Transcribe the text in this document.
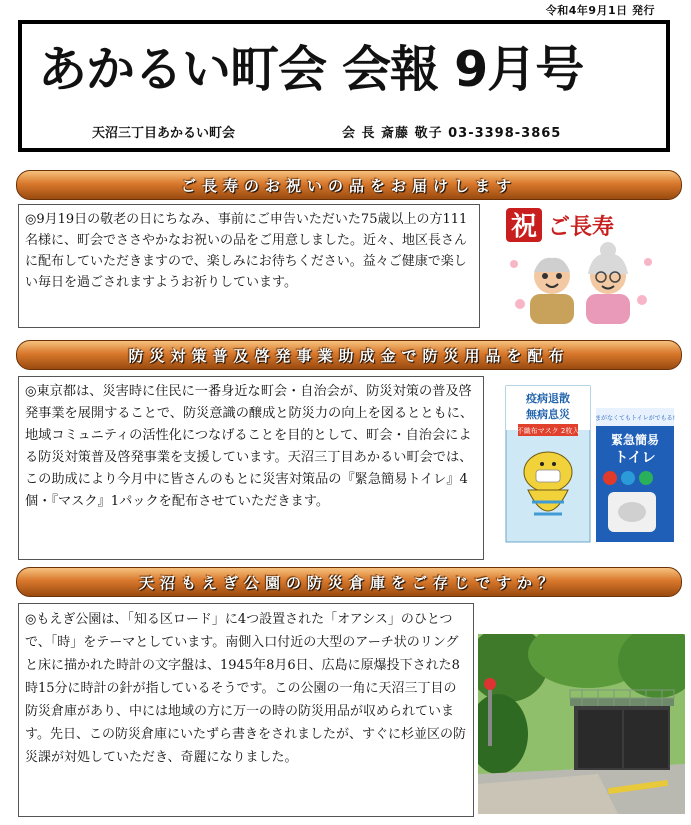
令和4年9月1日 発行
あかるい町会 会報 9月号
天沼三丁目あかるい町会	会 長 斎藤 敬子 03-3398-3865
ご長寿のお祝いの品をお届けします
◎9月19日の敬老の日にちなみ、事前にご申告いただいた75歳以上の方111名様に、町会でささやかなお祝いの品をご用意しました。近々、地区長さんに配布していただきますので、楽しみにお待ちください。益々ご健康で楽しい毎日を過ごされますようお祈りしています。
祝 ご長寿
防災対策普及啓発事業助成金で防災用品を配布
◎東京都は、災害時に住民に一番身近な町会・自治会が、防災対策の普及啓発事業を展開することで、防災意識の醸成と防災力の向上を図るとともに、地域コミュニティの活性化につなげることを目的として、町会・自治会による防災対策普及啓発事業を支援しています。天沼三丁目あかるい町会では、この助成により今月中に皆さんのもとに災害対策品の『緊急簡易トイレ』4個・『マスク』1パックを配布させていただきます。
疫病退散
無病息災
不織布マスク 2枚入
まがなくてもトイレがでもる!
緊急簡易
トイレ
天沼もえぎ公園の防災倉庫をご存じですか？
◎もえぎ公園は、「知る区ロード」に4つ設置された「オアシス」のひとつで、「時」をテーマとしています。南側入口付近の大型のアーチ状のリングと床に描かれた時計の文字盤は、1945年8月6日、広島に原爆投下された8時15分に時計の針が指しているそうです。この公園の一角に天沼三丁目の防災倉庫があり、中には地域の方に万一の時の防災用品が収められています。先日、この防災倉庫にいたずら書きをされましたが、すぐに杉並区の防災課が対処していただき、奇麗になりました。
